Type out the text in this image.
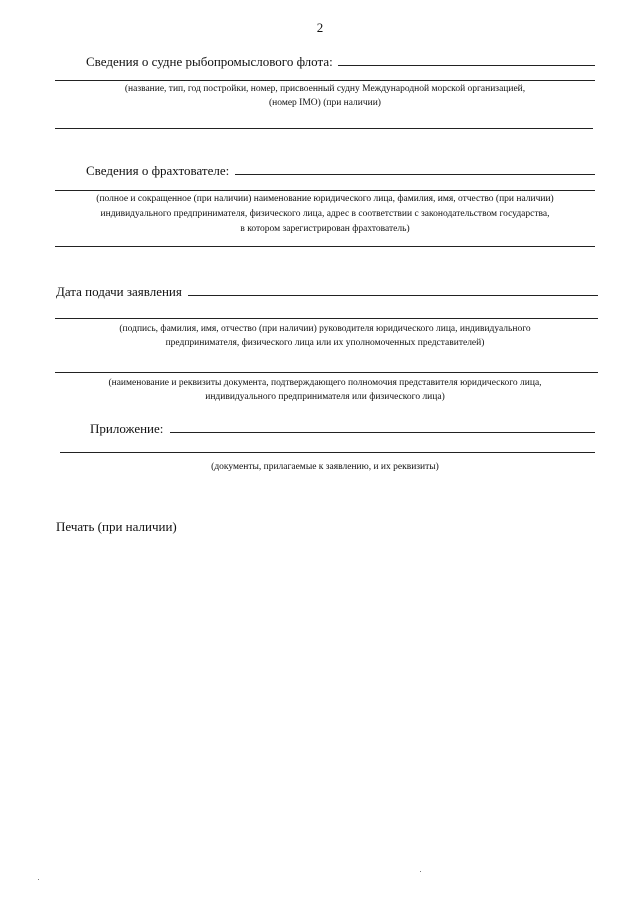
2
Сведения о судне рыбопромыслового флота:
(название, тип, год постройки, номер, присвоенный судну Международной морской организацией,
(номер IMO) (при наличии)
Сведения о фрахтователе:
(полное и сокращенное (при наличии) наименование юридического лица, фамилия, имя, отчество (при наличии)
индивидуального предпринимателя, физического лица, адрес в соответствии с законодательством государства,
в котором зарегистрирован фрахтователь)
Дата подачи заявления
(подпись, фамилия, имя, отчество (при наличии) руководителя юридического лица, индивидуального
предпринимателя, физического лица или их уполномоченных представителей)
(наименование и реквизиты документа, подтверждающего полномочия представителя юридического лица,
индивидуального предпринимателя или физического лица)
Приложение:
(документы, прилагаемые к заявлению, и их реквизиты)
Печать (при наличии)
